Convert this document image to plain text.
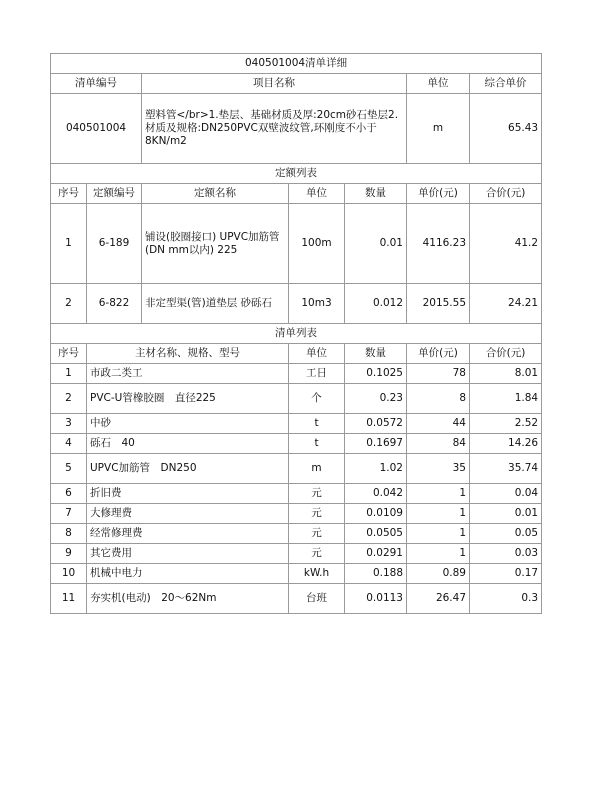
040501004清单详细						
清单编号		项目名称			单位	综合单价
040501004		塑料管</br>1.垫层、基础材质及厚:20cm砂石垫层2.材质及规格:DN250PVC双壁波纹管,环刚度不小于8KN/m2			m	65.43
定额列表						
序号	定额编号	定额名称	单位	数量	单价(元)	合价(元)
1	6-189	铺设(胶圈接口) UPVC加筋管(DN mm以内) 225	100m	0.01	4116.23	41.2
2	6-822	非定型渠(管)道垫层 砂砾石	10m3	0.012	2015.55	24.21
清单列表						
序号	主材名称、规格、型号		单位	数量	单价(元)	合价(元)
1	市政二类工		工日	0.1025	78	8.01
2	PVC-U管橡胶圈　直径225		个	0.23	8	1.84
3	中砂		t	0.0572	44	2.52
4	砾石　40		t	0.1697	84	14.26
5	UPVC加筋管　DN250		m	1.02	35	35.74
6	折旧费		元	0.042	1	0.04
7	大修理费		元	0.0109	1	0.01
8	经常修理费		元	0.0505	1	0.05
9	其它费用		元	0.0291	1	0.03
10	机械中电力		kW.h	0.188	0.89	0.17
11	夯实机(电动)　20～62Nm		台班	0.0113	26.47	0.3
